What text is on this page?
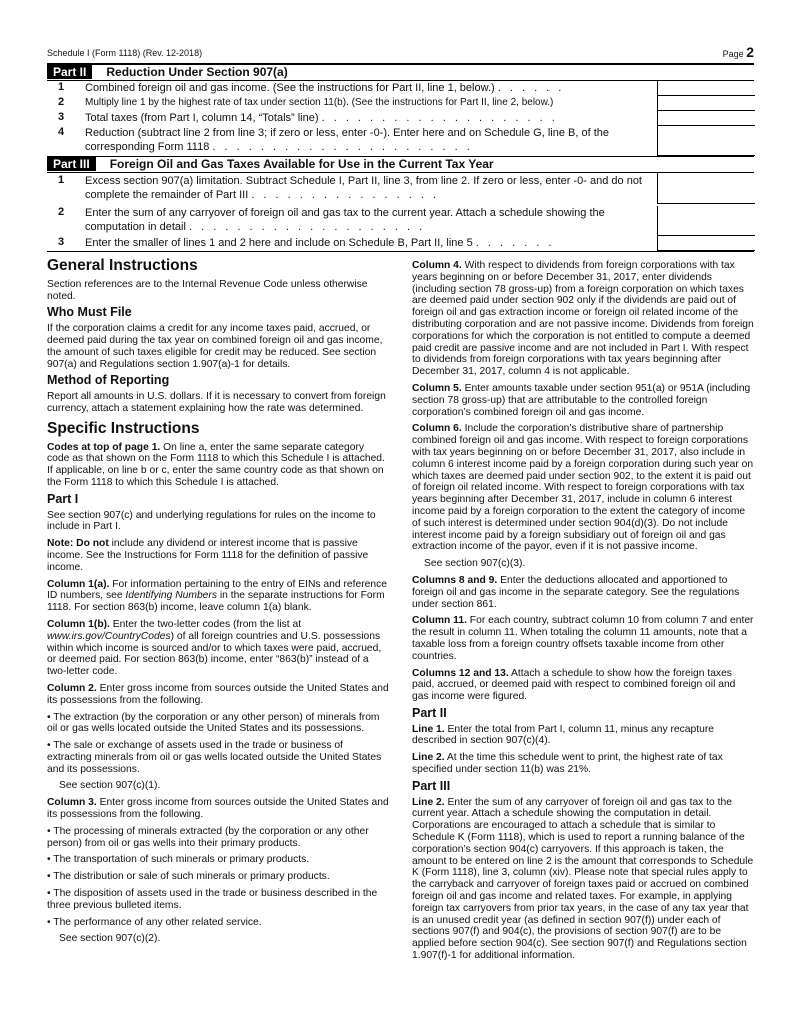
Schedule I (Form 1118) (Rev. 12-2018)	Page 2
Part II	Reduction Under Section 907(a)
1 Combined foreign oil and gas income. (See the instructions for Part II, line 1, below.) . . . . . .
2 Multiply line 1 by the highest rate of tax under section 11(b). (See the instructions for Part II, line 2, below.)
3 Total taxes (from Part I, column 14, “Totals” line) . . . . . . . . . . . . . . . . . . . .
4 Reduction (subtract line 2 from line 3; if zero or less, enter -0-). Enter here and on Schedule G, line B, of the corresponding Form 1118 . . . . . . . . . . . . . . . . . . . . . .
Part III	Foreign Oil and Gas Taxes Available for Use in the Current Tax Year
1 Excess section 907(a) limitation. Subtract Schedule I, Part II, line 3, from line 2. If zero or less, enter -0- and do not complete the remainder of Part III . . . . . . . . . . . . . . . .
2 Enter the sum of any carryover of foreign oil and gas tax to the current year. Attach a schedule showing the computation in detail . . . . . . . . . . . . . . . . . . . .
3 Enter the smaller of lines 1 and 2 here and include on Schedule B, Part II, line 5 . . . . . . .
General Instructions

Section references are to the Internal Revenue Code unless otherwise noted.

Who Must File

If the corporation claims a credit for any income taxes paid, accrued, or deemed paid during the tax year on combined foreign oil and gas income, the amount of such taxes eligible for credit may be reduced. See section 907(a) and Regulations section 1.907(a)-1 for details.

Method of Reporting

Report all amounts in U.S. dollars. If it is necessary to convert from foreign currency, attach a statement explaining how the rate was determined.

Specific Instructions

Codes at top of page 1. On line a, enter the same separate category code as that shown on the Form 1118 to which this Schedule I is attached. If applicable, on line b or c, enter the same country code as that shown on the Form 1118 to which this Schedule I is attached.

Part I

See section 907(c) and underlying regulations for rules on the income to include in Part I.

Note: Do not include any dividend or interest income that is passive income. See the Instructions for Form 1118 for the definition of passive income.

Column 1(a). For information pertaining to the entry of EINs and reference ID numbers, see Identifying Numbers in the separate instructions for Form 1118. For section 863(b) income, leave column 1(a) blank.

Column 1(b). Enter the two-letter codes (from the list at www.irs.gov/CountryCodes) of all foreign countries and U.S. possessions within which income is sourced and/or to which taxes were paid, accrued, or deemed paid. For section 863(b) income, enter “863(b)” instead of a two-letter code.

Column 2. Enter gross income from sources outside the United States and its possessions from the following.

• The extraction (by the corporation or any other person) of minerals from oil or gas wells located outside the United States and its possessions.

• The sale or exchange of assets used in the trade or business of extracting minerals from oil or gas wells located outside the United States and its possessions.

See section 907(c)(1).

Column 3. Enter gross income from sources outside the United States and its possessions from the following.

• The processing of minerals extracted (by the corporation or any other person) from oil or gas wells into their primary products.

• The transportation of such minerals or primary products.

• The distribution or sale of such minerals or primary products.

• The disposition of assets used in the trade or business described in the three previous bulleted items.

• The performance of any other related service.

See section 907(c)(2).

Column 4. With respect to dividends from foreign corporations with tax years beginning on or before December 31, 2017, enter dividends (including section 78 gross-up) from a foreign corporation on which taxes are deemed paid under section 902 only if the dividends are paid out of foreign oil and gas extraction income or foreign oil related income of the distributing corporation and are not passive income. Dividends from foreign corporations for which the corporation is not entitled to compute a deemed paid credit are passive income and are not included in Part I. With respect to dividends from foreign corporations with tax years beginning after December 31, 2017, column 4 is not applicable.

Column 5. Enter amounts taxable under section 951(a) or 951A (including section 78 gross-up) that are attributable to the controlled foreign corporation’s combined foreign oil and gas income.

Column 6. Include the corporation’s distributive share of partnership combined foreign oil and gas income. With respect to foreign corporations with tax years beginning on or before December 31, 2017, also include in column 6 interest income paid by a foreign corporation during such year on which taxes are deemed paid under section 902, to the extent it is paid out of foreign oil related income. With respect to foreign corporations with tax years beginning after December 31, 2017, include in column 6 interest income paid by a foreign corporation to the extent the category of income of such interest is determined under section 904(d)(3). Do not include interest income paid by a foreign subsidiary out of foreign oil and gas extraction income of the payor, even if it is not passive income.

See section 907(c)(3).

Columns 8 and 9. Enter the deductions allocated and apportioned to foreign oil and gas income in the separate category. See the regulations under section 861.

Column 11. For each country, subtract column 10 from column 7 and enter the result in column 11. When totaling the column 11 amounts, note that a taxable loss from a foreign country offsets taxable income from other countries.

Columns 12 and 13. Attach a schedule to show how the foreign taxes paid, accrued, or deemed paid with respect to combined foreign oil and gas income were figured.

Part II

Line 1. Enter the total from Part I, column 11, minus any recapture described in section 907(c)(4).

Line 2. At the time this schedule went to print, the highest rate of tax specified under section 11(b) was 21%.

Part III

Line 2. Enter the sum of any carryover of foreign oil and gas tax to the current year. Attach a schedule showing the computation in detail. Corporations are encouraged to attach a schedule that is similar to Schedule K (Form 1118), which is used to report a running balance of the corporation’s section 904(c) carryovers. If this approach is taken, the amount to be entered on line 2 is the amount that corresponds to Schedule K (Form 1118), line 3, column (xiv). Please note that special rules apply to the carryback and carryover of foreign taxes paid or accrued on combined foreign oil and gas income and related taxes. For example, in applying foreign tax carryovers from prior tax years, in the case of any tax year that is an unused credit year (as defined in section 907(f)) under each of sections 907(f) and 904(c), the provisions of section 907(f) are to be applied before section 904(c). See section 907(f) and Regulations section 1.907(f)-1 for additional information.
